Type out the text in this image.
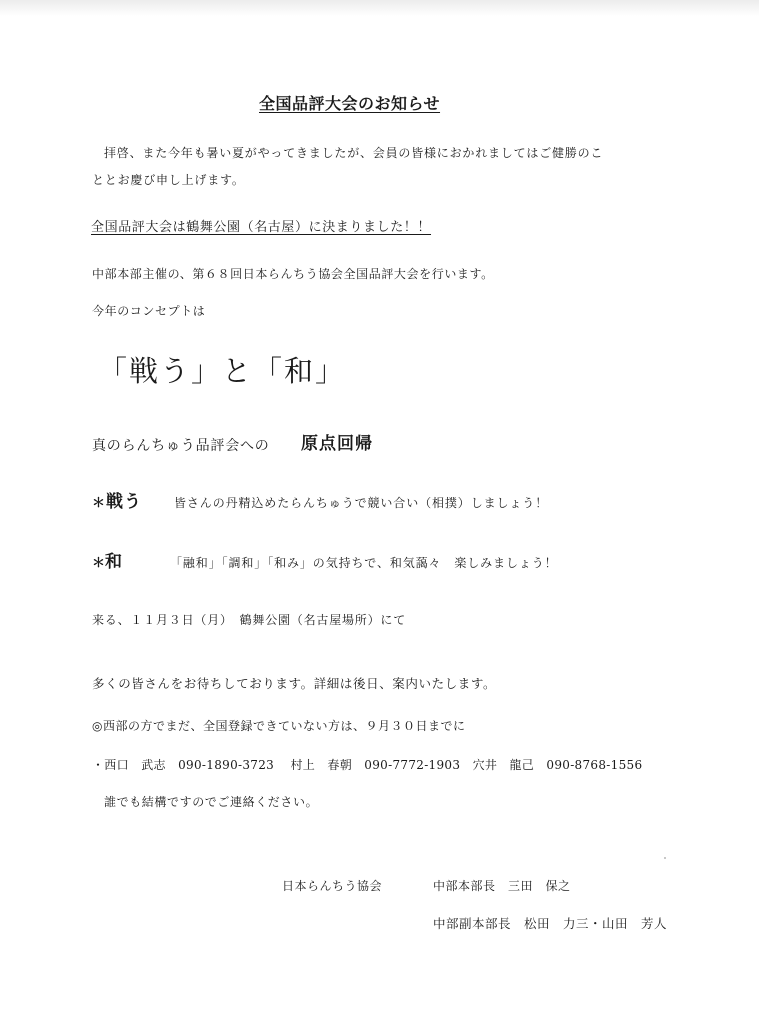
全国品評大会のお知らせ
拝啓、また今年も暑い夏がやってきましたが、会員の皆様におかれましてはご健勝のこ
ととお慶び申し上げます。
全国品評大会は鶴舞公園（名古屋）に決まりました！！
中部本部主催の、第６８回日本らんちう協会全国品評大会を行います。
今年のコンセプトは
「戦う」と「和」
真のらんちゅう品評会への 原点回帰
＊戦う	皆さんの丹精込めたらんちゅうで競い合い（相撲）しましょう！
＊和	「融和」「調和」「和み」の気持ちで、和気藹々　楽しみましょう！
来る、１１月３日（月）　鶴舞公園（名古屋場所）にて
多くの皆さんをお待ちしております。詳細は後日、案内いたします。
◎西部の方でまだ、全国登録できていない方は、９月３０日までに
・西口　武志　090-1890-3723　 村上　春朝　090-7772-1903　穴井　龍己　090-8768-1556
誰でも結構ですのでご連絡ください。
日本らんちう協会	中部本部長　三田　保之
中部副本部長　松田　力三・山田　芳人
